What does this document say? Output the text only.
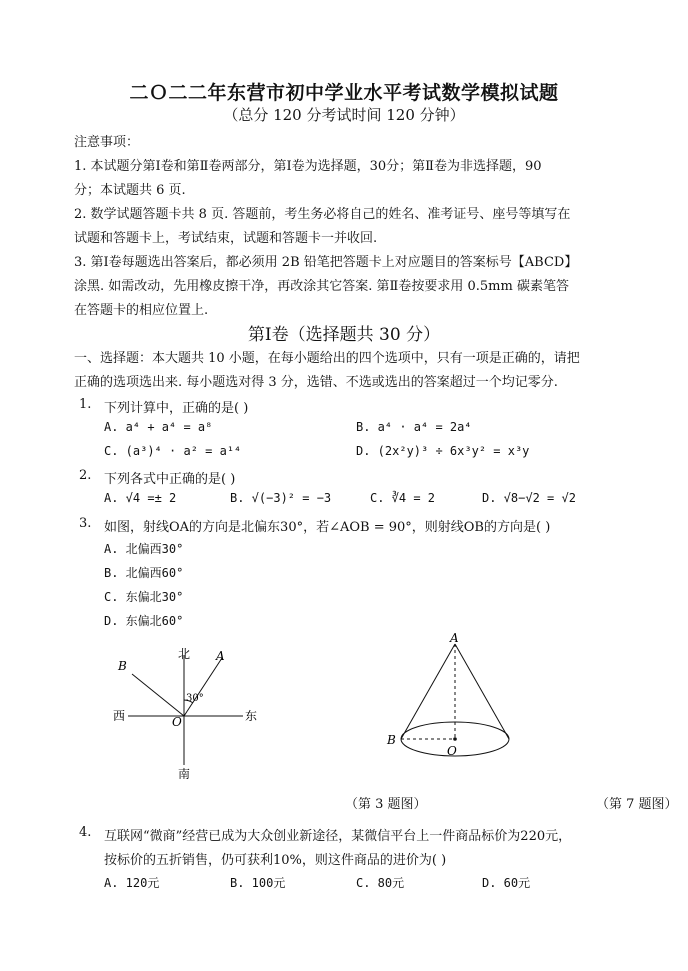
二Ｏ二二年东营市初中学业水平考试数学模拟试题
（总分 120 分考试时间 120 分钟）
注意事项：
1. 本试题分第Ⅰ卷和第Ⅱ卷两部分，第Ⅰ卷为选择题，30分；第Ⅱ卷为非选择题，90
分；本试题共 6 页.
2. 数学试题答题卡共 8 页. 答题前，考生务必将自己的姓名、准考证号、座号等填写在
试题和答题卡上，考试结束，试题和答题卡一并收回.
3. 第Ⅰ卷每题选出答案后，都必须用 2B 铅笔把答题卡上对应题目的答案标号【ABCD】
涂黑. 如需改动，先用橡皮擦干净，再改涂其它答案. 第Ⅱ卷按要求用 0.5mm 碳素笔答
在答题卡的相应位置上.
第Ⅰ卷（选择题共 30 分）
一、选择题：本大题共 10 小题，在每小题给出的四个选项中，只有一项是正确的，请把
正确的选项选出来. 每小题选对得 3 分，选错、不选或选出的答案超过一个均记零分.
1. 下列计算中，正确的是( )
A. a⁴ + a⁴ = a⁸	B. a⁴ · a⁴ = 2a⁴
C. (a³)⁴ · a² = a¹⁴	D. (2x²y)³ ÷ 6x³y² = x³y
2. 下列各式中正确的是( )
A. √4 =± 2	B. √(−3)² = −3	C. ∛4 = 2	D. √8−√2 = √2
3. 如图，射线OA的方向是北偏东30°，若∠AOB = 90°，则射线OB的方向是( )
A. 北偏西30°
B. 北偏西60°
C. 东偏北30°
D. 东偏北60°
北
南
西	东
A
B
O
30°
A
B
O
（第 3 题图）	（第 7 题图）
4. 互联网“微商”经营已成为大众创业新途径，某微信平台上一件商品标价为220元，
按标价的五折销售，仍可获利10%，则这件商品的进价为( )
A. 120元	B. 100元	C. 80元	D. 60元
